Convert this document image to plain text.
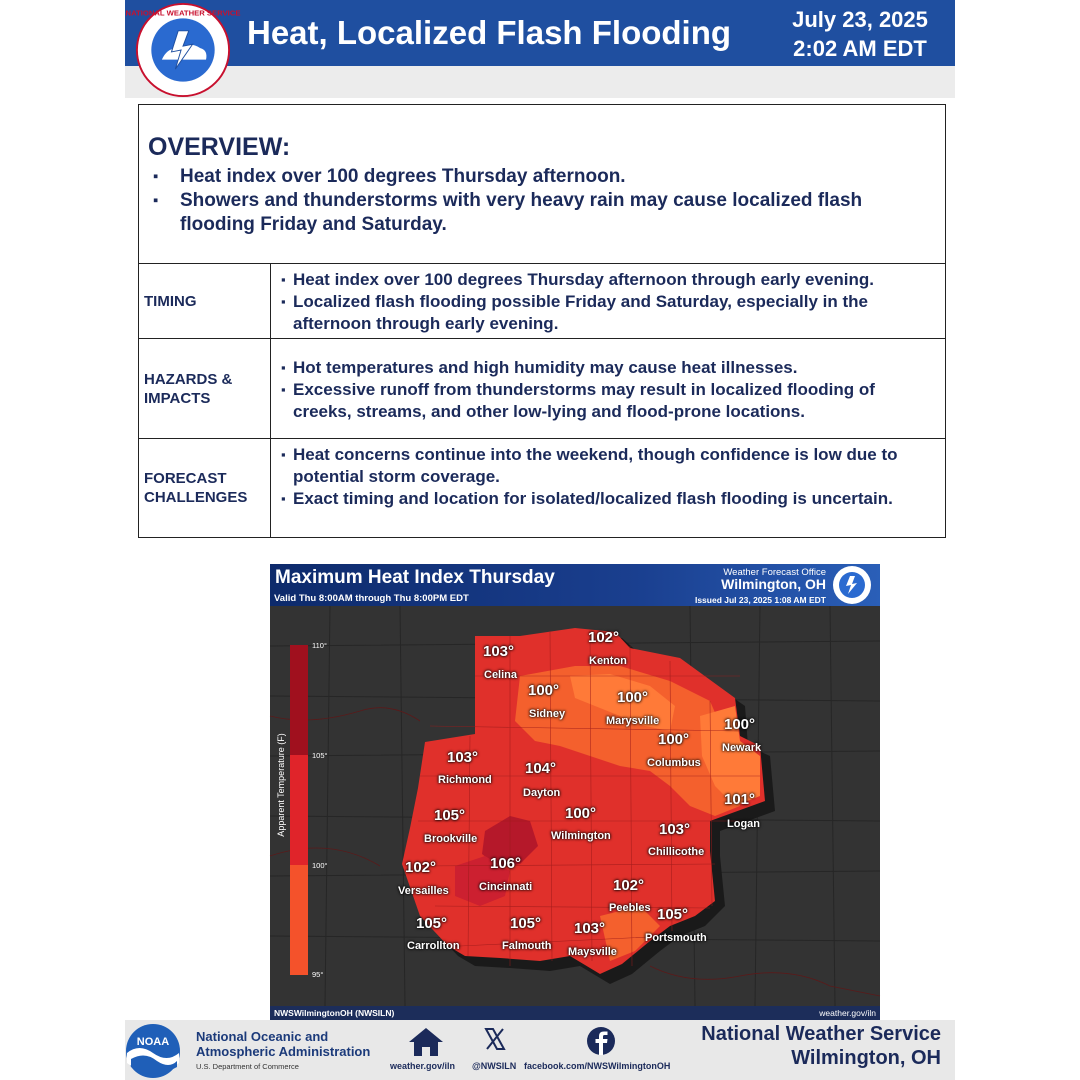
NATIONAL WEATHER SERVICE
Heat, Localized Flash Flooding	July 23, 2025
2:02 AM EDT
OVERVIEW:
▪ Heat index over 100 degrees Thursday afternoon.
▪ Showers and thunderstorms with very heavy rain may cause localized flash flooding Friday and Saturday.
TIMING
▪ Heat index over 100 degrees Thursday afternoon through early evening.
▪ Localized flash flooding possible Friday and Saturday, especially in the afternoon through early evening.
HAZARDS & IMPACTS
▪ Hot temperatures and high humidity may cause heat illnesses.
▪ Excessive runoff from thunderstorms may result in localized flooding of creeks, streams, and other low-lying and flood-prone locations.
FORECAST CHALLENGES
▪ Heat concerns continue into the weekend, though confidence is low due to potential storm coverage.
▪ Exact timing and location for isolated/localized flash flooding is uncertain.
Maximum Heat Index Thursday
Valid Thu 8:00AM through Thu 8:00PM EDT
Weather Forecast Office
Wilmington, OH
Issued Jul 23, 2025 1:08 AM EDT
NWSWilmingtonOH (NWSILN)	weather.gov/iln
110°
105°
100°
95°
Apparent Temperature (F)
102°
Kenton
103°
Celina
100°
Sidney
100°
Marysville	100°
Newark
100°
Columbus
103°
Richmond
104°
Dayton	101°
Logan
105°
Brookville
100°
Wilmington	103°
Chillicothe
102°
Versailles
106°
Cincinnati	102°
Peebles
105°
Carrollton
105°
Falmouth
103°
Maysville
105°
Portsmouth
NOAA National Oceanic and
Atmospheric Administration
U.S. Department of Commerce	weather.gov/iln @NWSILN facebook.com/NWSWilmingtonOH
National Weather Service
Wilmington, OH
